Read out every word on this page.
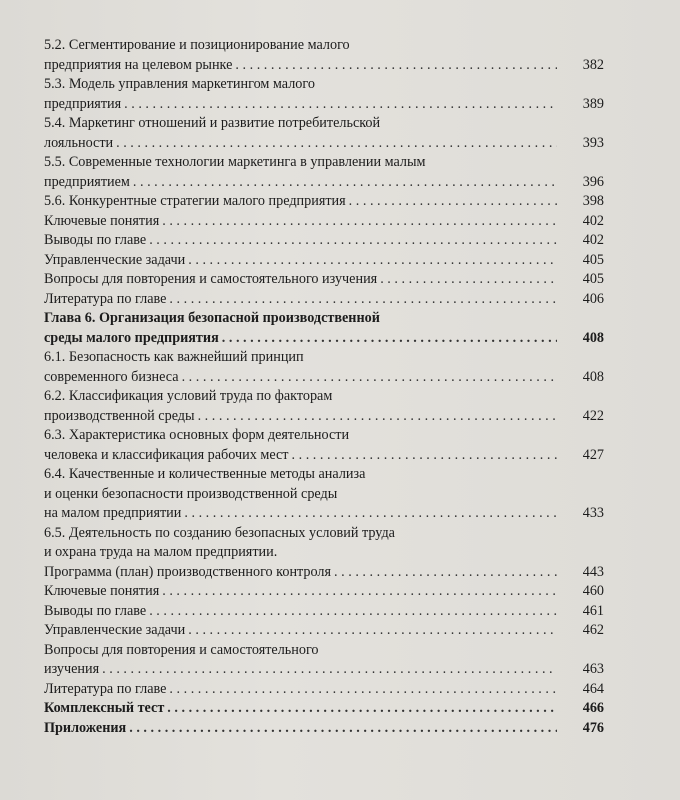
5.2. Сегментирование и позиционирование малого
предприятия на целевом рынке . . .	382
5.3. Модель управления маркетингом малого
предприятия . . .	389
5.4. Маркетинг отношений и развитие потребительской
лояльности . . .	393
5.5. Современные технологии маркетинга в управлении малым
предприятием . . .	396
5.6. Конкурентные стратегии малого предприятия . . .	398
Ключевые понятия . . .	402
Выводы по главе . . .	402
Управленческие задачи . . .	405
Вопросы для повторения и самостоятельного изучения . . .	405
Литература по главе . . .	406
Глава 6. Организация безопасной производственной
среды малого предприятия . . .	408
6.1. Безопасность как важнейший принцип
современного бизнеса . . .	408
6.2. Классификация условий труда по факторам
производственной среды . . .	422
6.3. Характеристика основных форм деятельности
человека и классификация рабочих мест . . .	427
6.4. Качественные и количественные методы анализа
и оценки безопасности производственной среды
на малом предприятии . . .	433
6.5. Деятельность по созданию безопасных условий труда
и охрана труда на малом предприятии.
Программа (план) производственного контроля . . .	443
Ключевые понятия . . .	460
Выводы по главе . . .	461
Управленческие задачи . . .	462
Вопросы для повторения и самостоятельного
изучения . . .	463
Литература по главе . . .	464
Комплексный тест . . .	466
Приложения . . .	476
